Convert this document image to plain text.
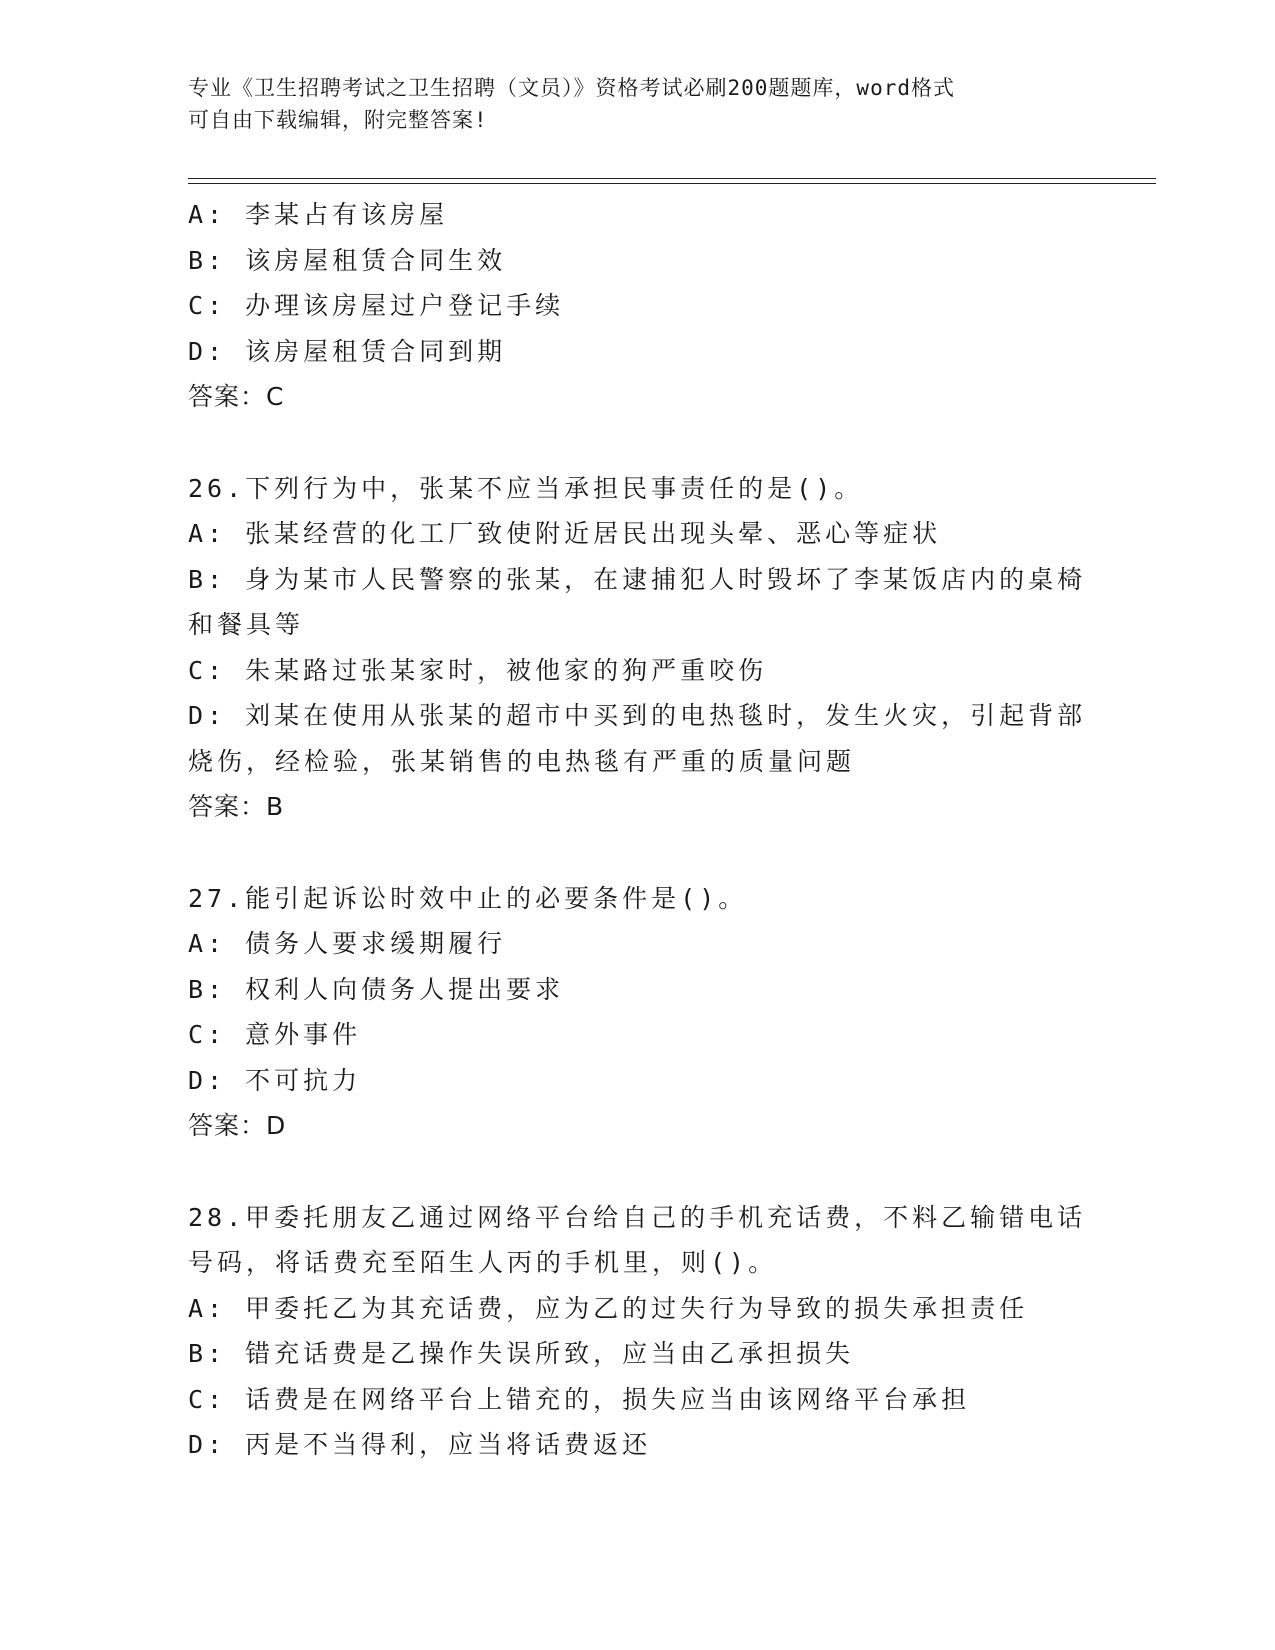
专业《卫生招聘考试之卫生招聘（文员）》资格考试必刷200题题库，word格式
可自由下载编辑，附完整答案!

A: 李某占有该房屋

B: 该房屋租赁合同生效

C: 办理该房屋过户登记手续

D: 该房屋租赁合同到期

答案：C

26.下列行为中，张某不应当承担民事责任的是()。

A: 张某经营的化工厂致使附近居民出现头晕、恶心等症状

B: 身为某市人民警察的张某，在逮捕犯人时毁坏了李某饭店内的桌椅

和餐具等

C: 朱某路过张某家时，被他家的狗严重咬伤

D: 刘某在使用从张某的超市中买到的电热毯时，发生火灾，引起背部

烧伤，经检验，张某销售的电热毯有严重的质量问题

答案：B

27.能引起诉讼时效中止的必要条件是()。

A: 债务人要求缓期履行

B: 权利人向债务人提出要求

C: 意外事件

D: 不可抗力

答案：D

28.甲委托朋友乙通过网络平台给自己的手机充话费，不料乙输错电话

号码，将话费充至陌生人丙的手机里，则()。

A: 甲委托乙为其充话费，应为乙的过失行为导致的损失承担责任

B: 错充话费是乙操作失误所致，应当由乙承担损失

C: 话费是在网络平台上错充的，损失应当由该网络平台承担

D: 丙是不当得利，应当将话费返还
